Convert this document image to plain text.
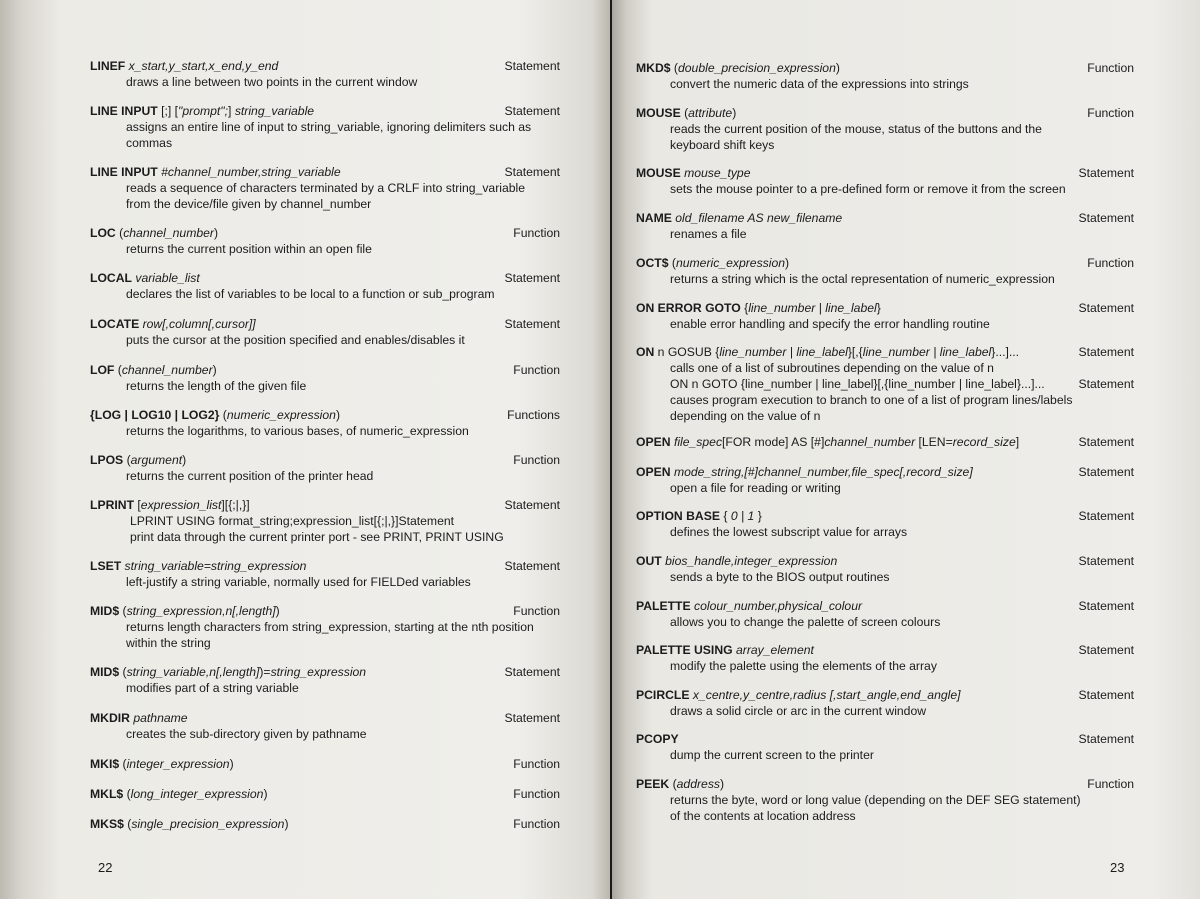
LINEF x_start,y_start,x_end,y_end	Statement
draws a line between two points in the current window
LINE INPUT [;] ["prompt";] string_variable	Statement
assigns an entire line of input to string_variable, ignoring delimiters such as
commas
LINE INPUT #channel_number,string_variable	Statement
reads a sequence of characters terminated by a CRLF into string_variable
from the device/file given by channel_number
LOC (channel_number)	Function
returns the current position within an open file
LOCAL variable_list	Statement
declares the list of variables to be local to a function or sub_program
LOCATE row[,column[,cursor]]	Statement
puts the cursor at the position specified and enables/disables it
LOF (channel_number)	Function
returns the length of the given file
{LOG | LOG10 | LOG2} (numeric_expression)	Functions
returns the logarithms, to various bases, of numeric_expression
LPOS (argument)	Function
returns the current position of the printer head
LPRINT [expression_list][{;|,}]	Statement
LPRINT USING format_string;expression_list[{;|,}]Statement
print data through the current printer port - see PRINT, PRINT USING
LSET string_variable=string_expression	Statement
left-justify a string variable, normally used for FIELDed variables
MID$ (string_expression,n[,length])	Function
returns length characters from string_expression, starting at the nth position
within the string
MID$ (string_variable,n[,length])=string_expression	Statement
modifies part of a string variable
MKDIR pathname	Statement
creates the sub-directory given by pathname
MKI$ (integer_expression)	Function
MKL$ (long_integer_expression)	Function
MKS$ (single_precision_expression)	Function
22
MKD$ (double_precision_expression)	Function
convert the numeric data of the expressions into strings
MOUSE (attribute)	Function
reads the current position of the mouse, status of the buttons and the
keyboard shift keys
MOUSE mouse_type	Statement
sets the mouse pointer to a pre-defined form or remove it from the screen
NAME old_filename AS new_filename	Statement
renames a file
OCT$ (numeric_expression)	Function
returns a string which is the octal representation of numeric_expression
ON ERROR GOTO {line_number | line_label}	Statement
enable error handling and specify the error handling routine
ON n GOSUB {line_number | line_label}[,{line_number | line_label}...]...	Statement
calls one of a list of subroutines depending on the value of n
ON n GOTO {line_number | line_label}[,{line_number | line_label}...]...	Statement
causes program execution to branch to one of a list of program lines/labels
depending on the value of n
OPEN file_spec[FOR mode] AS [#]channel_number [LEN=record_size]	Statement
OPEN mode_string,[#]channel_number,file_spec[,record_size]	Statement
open a file for reading or writing
OPTION BASE { 0 | 1 }	Statement
defines the lowest subscript value for arrays
OUT bios_handle,integer_expression	Statement
sends a byte to the BIOS output routines
PALETTE colour_number,physical_colour	Statement
allows you to change the palette of screen colours
PALETTE USING array_element	Statement
modify the palette using the elements of the array
PCIRCLE x_centre,y_centre,radius [,start_angle,end_angle]	Statement
draws a solid circle or arc in the current window
PCOPY	Statement
dump the current screen to the printer
PEEK (address)	Function
returns the byte, word or long value (depending on the DEF SEG statement)
of the contents at location address
23
